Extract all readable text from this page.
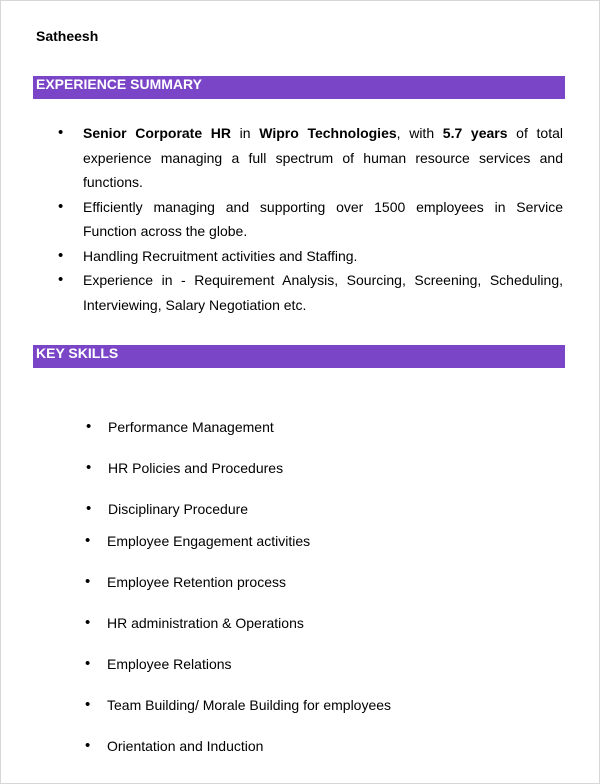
Satheesh
EXPERIENCE SUMMARY
• Senior Corporate HR in Wipro Technologies, with 5.7 years of total experience managing a full spectrum of human resource services and functions.
• Efficiently managing and supporting over 1500 employees in Service Function across the globe.
• Handling Recruitment activities and Staffing.
• Experience in - Requirement Analysis, Sourcing, Screening, Scheduling, Interviewing, Salary Negotiation etc.
KEY SKILLS
• Performance Management
• HR Policies and Procedures
• Disciplinary Procedure
• Employee Engagement activities
• Employee Retention process
• HR administration & Operations
• Employee Relations
• Team Building/ Morale Building for employees
• Orientation and Induction
